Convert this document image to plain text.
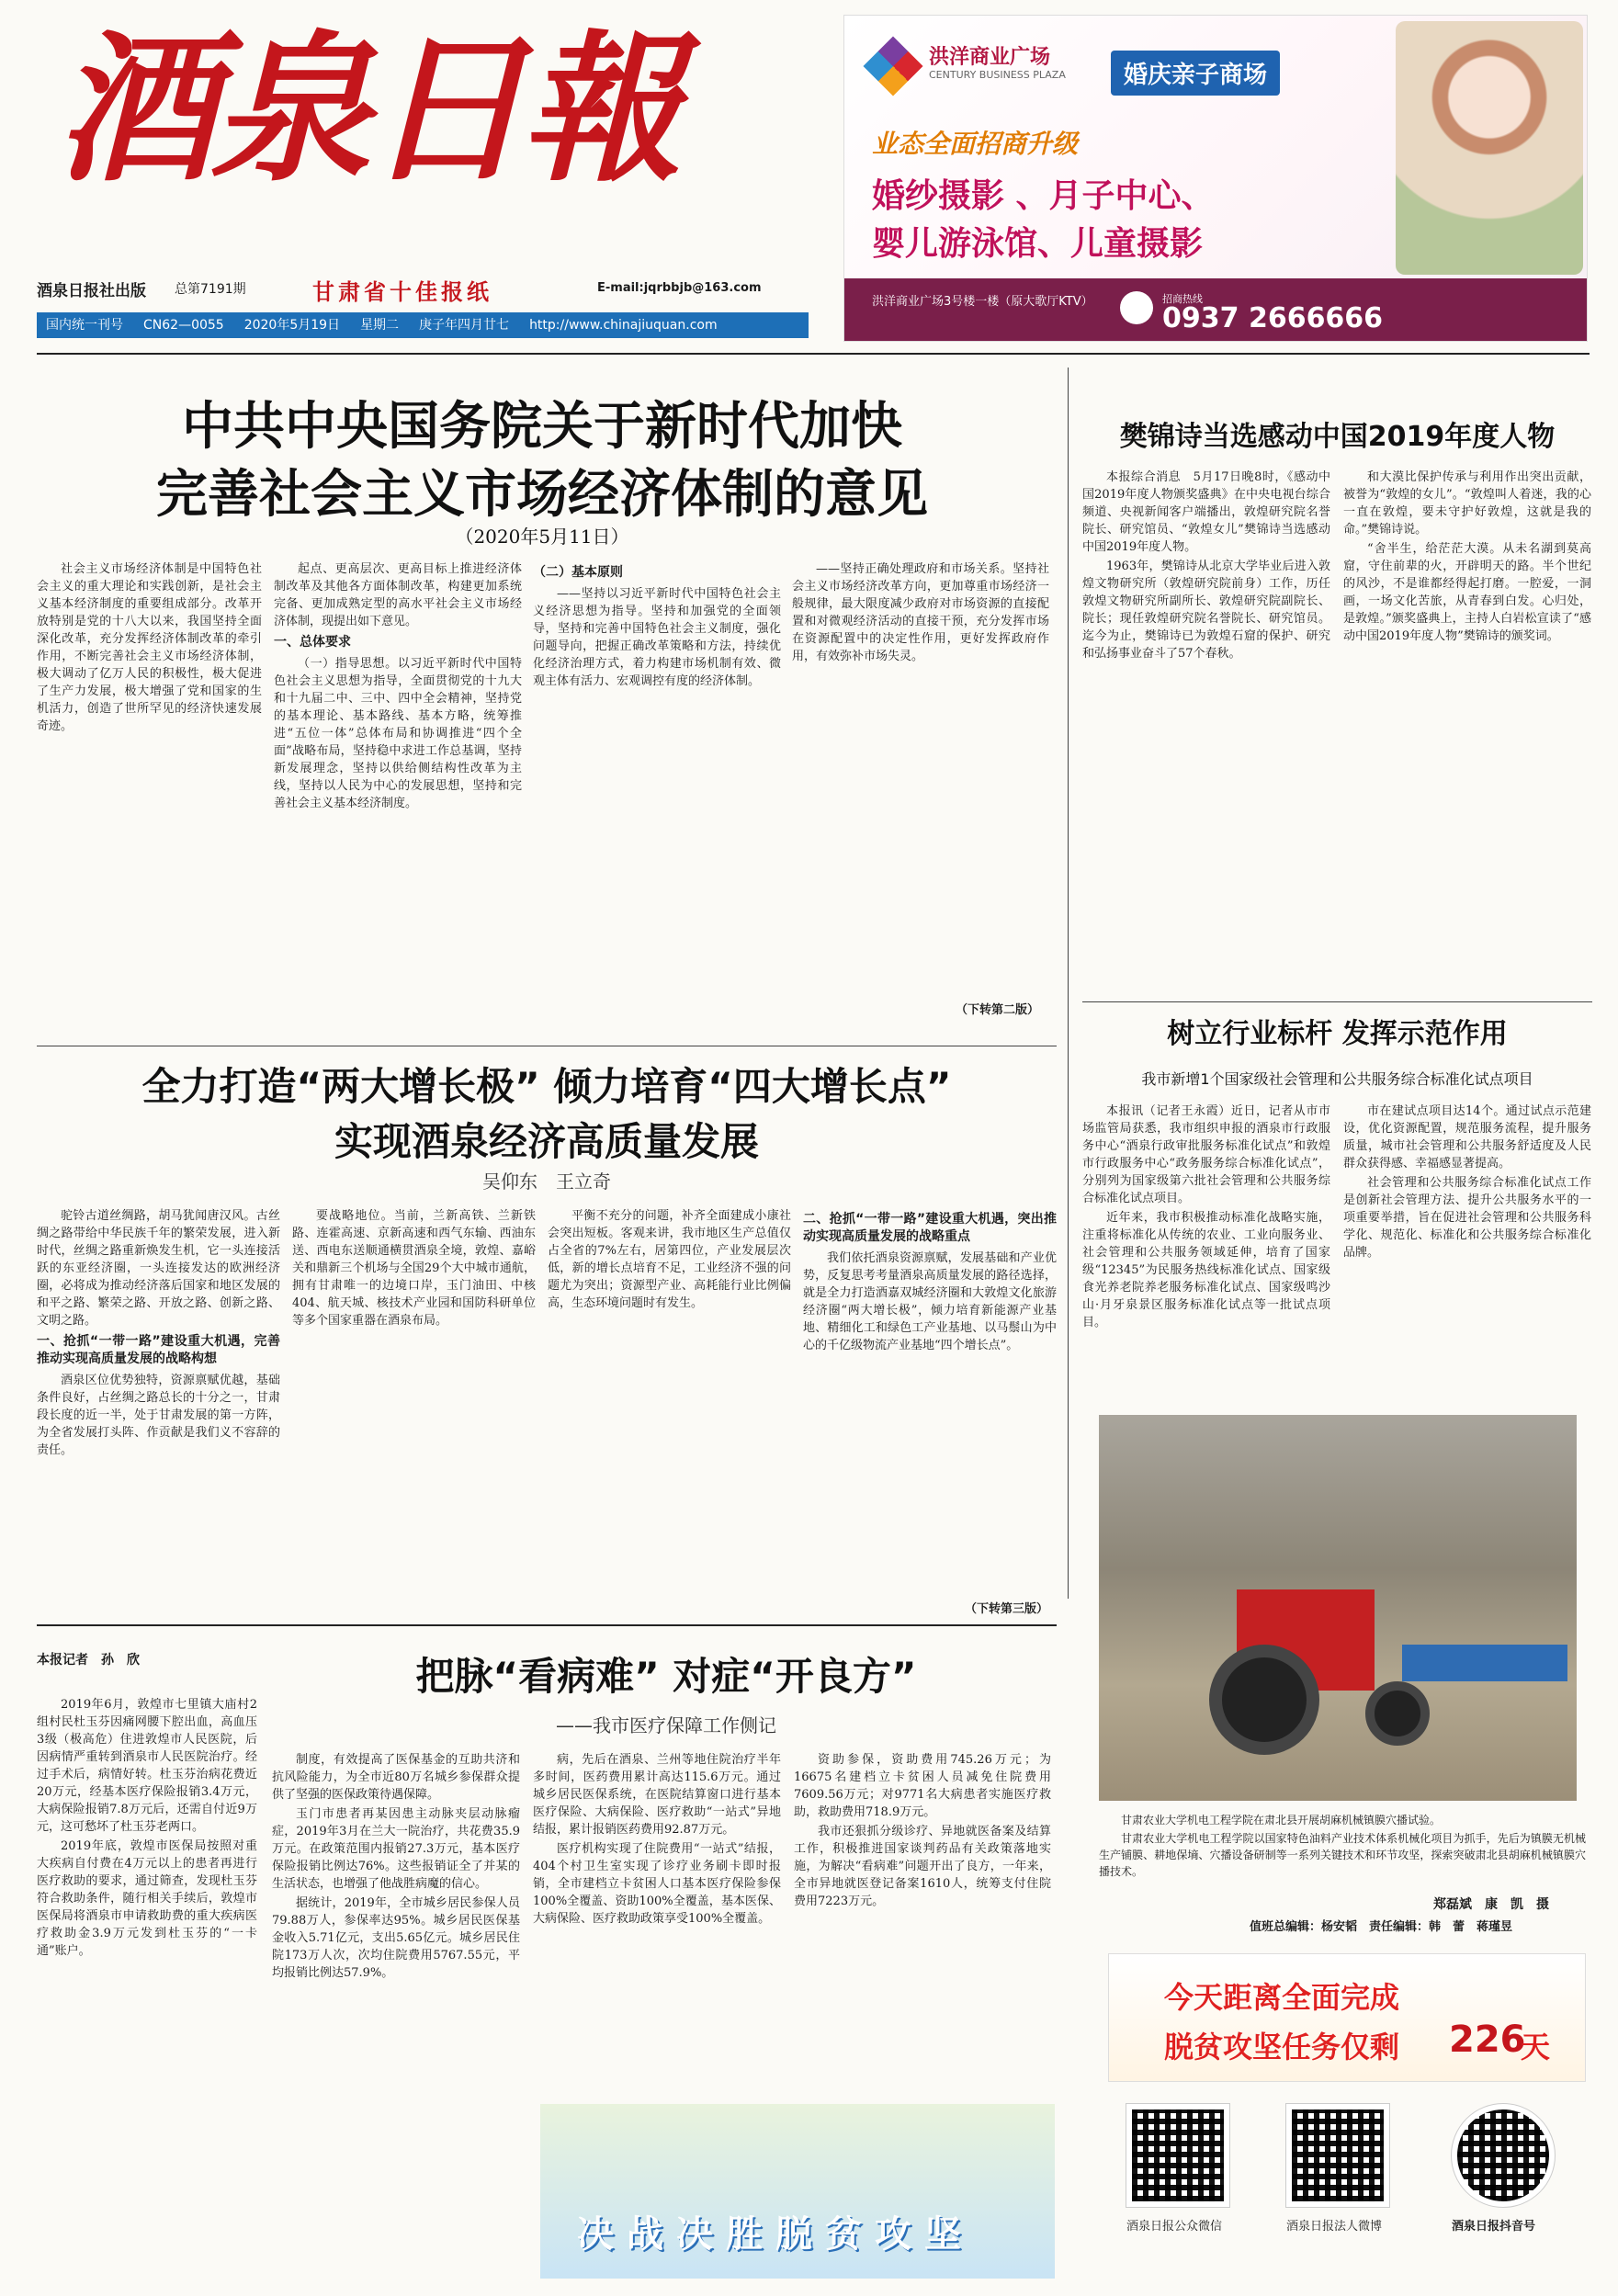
酒泉日報
酒泉日报社出版 总第7191期	甘肃省十佳报纸	E-mail:jqrbbjb@163.com
国内统一刊号 CN62—0055 2020年5月19日 星期二 庚子年四月廿七 http://www.chinajiuquan.com
洪洋商业广场
CENTURY BUSINESS PLAZA	婚庆亲子商场
业态全面招商升级
婚纱摄影 、月子中心、
婴儿游泳馆、儿童摄影
洪洋商业广场3号楼一楼（原大歌厅KTV）	招商热线
0937 2666666
中共中央国务院关于新时代加快
完善社会主义市场经济体制的意见
（2020年5月11日）

社会主义市场经济体制是中国特色社会主义的重大理论和实践创新，是社会主义基本经济制度的重要组成部分。改革开放特别是党的十八大以来，我国坚持全面深化改革，充分发挥经济体制改革的牵引作用，不断完善社会主义市场经济体制，极大调动了亿万人民的积极性，极大促进了生产力发展，极大增强了党和国家的生机活力，创造了世所罕见的经济快速发展奇迹。

起点、更高层次、更高目标上推进经济体制改革及其他各方面体制改革，构建更加系统完备、更加成熟定型的高水平社会主义市场经济体制，现提出如下意见。

一、总体要求

（一）指导思想。以习近平新时代中国特色社会主义思想为指导，全面贯彻党的十九大和十九届二中、三中、四中全会精神，坚持党的基本理论、基本路线、基本方略，统筹推进“五位一体”总体布局和协调推进“四个全面”战略布局，坚持稳中求进工作总基调，坚持新发展理念，坚持以供给侧结构性改革为主线，坚持以人民为中心的发展思想，坚持和完善社会主义基本经济制度。

（二）基本原则

——坚持以习近平新时代中国特色社会主义经济思想为指导。坚持和加强党的全面领导，坚持和完善中国特色社会主义制度，强化问题导向，把握正确改革策略和方法，持续优化经济治理方式，着力构建市场机制有效、微观主体有活力、宏观调控有度的经济体制。

——坚持正确处理政府和市场关系。坚持社会主义市场经济改革方向，更加尊重市场经济一般规律，最大限度减少政府对市场资源的直接配置和对微观经济活动的直接干预，充分发挥市场在资源配置中的决定性作用，更好发挥政府作用，有效弥补市场失灵。

（下转第二版）
樊锦诗当选感动中国2019年度人物

本报综合消息　5月17日晚8时，《感动中国2019年度人物颁奖盛典》在中央电视台综合频道、央视新闻客户端播出，敦煌研究院名誉院长、研究馆员、“敦煌女儿”樊锦诗当选感动中国2019年度人物。

1963年，樊锦诗从北京大学毕业后进入敦煌文物研究所（敦煌研究院前身）工作，历任敦煌文物研究所副所长、敦煌研究院副院长、院长；现任敦煌研究院名誉院长、研究馆员。迄今为止，樊锦诗已为敦煌石窟的保护、研究和弘扬事业奋斗了57个春秋。

和大漠比保护传承与利用作出突出贡献，被誉为“敦煌的女儿”。“敦煌叫人着迷，我的心一直在敦煌，要未守护好敦煌，这就是我的命。”樊锦诗说。

“舍半生，给茫茫大漠。从未名湖到莫高窟，守住前辈的火，开辟明天的路。半个世纪的风沙，不是谁都经得起打磨。一腔爱，一洞画，一场文化苦旅，从青春到白发。心归处，是敦煌。”颁奖盛典上，主持人白岩松宣读了“感动中国2019年度人物”樊锦诗的颁奖词。

树立行业标杆 发挥示范作用
我市新增1个国家级社会管理和公共服务综合标准化试点项目

本报讯（记者王永霞）近日，记者从市市场监管局获悉，我市组织申报的酒泉市行政服务中心“酒泉行政审批服务标准化试点”和敦煌市行政服务中心“政务服务综合标准化试点”，分别列为国家级第六批社会管理和公共服务综合标准化试点项目。

近年来，我市积极推动标准化战略实施，注重将标准化从传统的农业、工业向服务业、社会管理和公共服务领域延伸，培育了国家级“12345”为民服务热线标准化试点、国家级食光养老院养老服务标准化试点、国家级鸣沙山·月牙泉景区服务标准化试点等一批试点项目。

市在建试点项目达14个。通过试点示范建设，优化资源配置，规范服务流程，提升服务质量，城市社会管理和公共服务舒适度及人民群众获得感、幸福感显著提高。

社会管理和公共服务综合标准化试点工作是创新社会管理方法、提升公共服务水平的一项重要举措，旨在促进社会管理和公共服务科学化、规范化、标准化和公共服务综合标准化品牌。

甘肃农业大学机电工程学院在肃北县开展胡麻机械镇膜穴播试验。

甘肃农业大学机电工程学院以国家特色油料产业技术体系机械化项目为抓手，先后为镇膜无机械生产铺膜、耕地保墒、穴播设备研制等一系列关键技术和环节攻坚，探索突破肃北县胡麻机械镇膜穴播技术。

郑磊斌　康　凯　摄
值班总编辑：杨安韬　责任编辑：韩　蕾　蒋瑾昱
全力打造“两大增长极” 倾力培育“四大增长点”
实现酒泉经济高质量发展
吴仰东　王立奇

驼铃古道丝绸路，胡马犹闻唐汉风。古丝绸之路带给中华民族千年的繁荣发展，进入新时代，丝绸之路重新焕发生机，它一头连接活跃的东亚经济圈，一头连接发达的欧洲经济圈，必将成为推动经济落后国家和地区发展的和平之路、繁荣之路、开放之路、创新之路、文明之路。

一、抢抓“一带一路”建设重大机遇，完善推动实现高质量发展的战略构想

酒泉区位优势独特，资源禀赋优越，基础条件良好，占丝绸之路总长的十分之一，甘肃段长度的近一半，处于甘肃发展的第一方阵，为全省发展打头阵、作贡献是我们义不容辞的责任。

要战略地位。当前，兰新高铁、兰新铁路、连霍高速、京新高速和西气东输、西油东送、西电东送顺通横贯酒泉全境，敦煌、嘉峪关和鼎新三个机场与全国29个大中城市通航，拥有甘肃唯一的边境口岸，玉门油田、中核404、航天城、核技术产业园和国防科研单位等多个国家重器在酒泉布局。

平衡不充分的问题，补齐全面建成小康社会突出短板。客观来讲，我市地区生产总值仅占全省的7%左右，居第四位，产业发展层次低，新的增长点培育不足，工业经济不强的问题尤为突出；资源型产业、高耗能行业比例偏高，生态环境问题时有发生。

二、抢抓“一带一路”建设重大机遇，突出推动实现高质量发展的战略重点

我们依托酒泉资源禀赋，发展基础和产业优势，反复思考考量酒泉高质量发展的路径选择，就是全力打造酒嘉双城经济圈和大敦煌文化旅游经济圈“两大增长极”，倾力培育新能源产业基地、精细化工和绿色工产业基地、以马鬃山为中心的千亿级物流产业基地“四个增长点”。

（下转第三版）
本报记者　孙　欣	把脉“看病难” 对症“开良方”
——我市医疗保障工作侧记

2019年6月，敦煌市七里镇大庙村2组村民杜玉芬因痛网腰下腔出血，高血压3级（极高危）住进敦煌市人民医院，后因病情严重转到酒泉市人民医院治疗。经过手术后，病情好转。杜玉芬治病花费近20万元，经基本医疗保险报销3.4万元，大病保险报销7.8万元后，还需自付近9万元，这可愁坏了杜玉芬老两口。

2019年底，敦煌市医保局按照对重大疾病自付费在4万元以上的患者再进行医疗救助的要求，通过筛查，发现杜玉芬符合救助条件，随行相关手续后，敦煌市医保局将酒泉市申请救助费的重大疾病医疗救助金3.9万元发到杜玉芬的“一卡通”账户。

制度，有效提高了医保基金的互助共济和抗风险能力，为全市近80万名城乡参保群众提供了坚强的医保政策待遇保障。

玉门市患者再某因患主动脉夹层动脉瘤症，2019年3月在兰大一院治疗，共花费35.9万元。在政策范围内报销27.3万元，基本医疗保险报销比例达76%。这些报销证全了并某的生活状态，也增强了他战胜病魔的信心。

据统计，2019年，全市城乡居民参保人员79.88万人，参保率达95%。城乡居民医保基金收入5.71亿元，支出5.65亿元。城乡居民住院173万人次，次均住院费用5767.55元，平均报销比例达57.9%。

病，先后在酒泉、兰州等地住院治疗半年多时间，医药费用累计高达115.6万元。通过城乡居民医保系统，在医院结算窗口进行基本医疗保险、大病保险、医疗救助“一站式”异地结报，累计报销医药费用92.87万元。

医疗机构实现了住院费用“一站式”结报，404个村卫生室实现了诊疗业务刷卡即时报销，全市建档立卡贫困人口基本医疗保险参保100%全覆盖、资助100%全覆盖，基本医保、大病保险、医疗救助政策享受100%全覆盖。

资助参保，资助费用745.26万元；为16675名建档立卡贫困人员减免住院费用7609.56万元；对9771名大病患者实施医疗救助，救助费用718.9万元。

我市还狠抓分级诊疗、异地就医备案及结算工作，积极推进国家谈判药品有关政策落地实施，为解决“看病难”问题开出了良方，一年来，全市异地就医登记备案1610人，统筹支付住院费用7223万元。

决战决胜脱贫攻坚
今天距离全面完成
脱贫攻坚任务仅剩 226
天
酒泉日报公众微信	酒泉日报法人微博	酒泉日报抖音号
